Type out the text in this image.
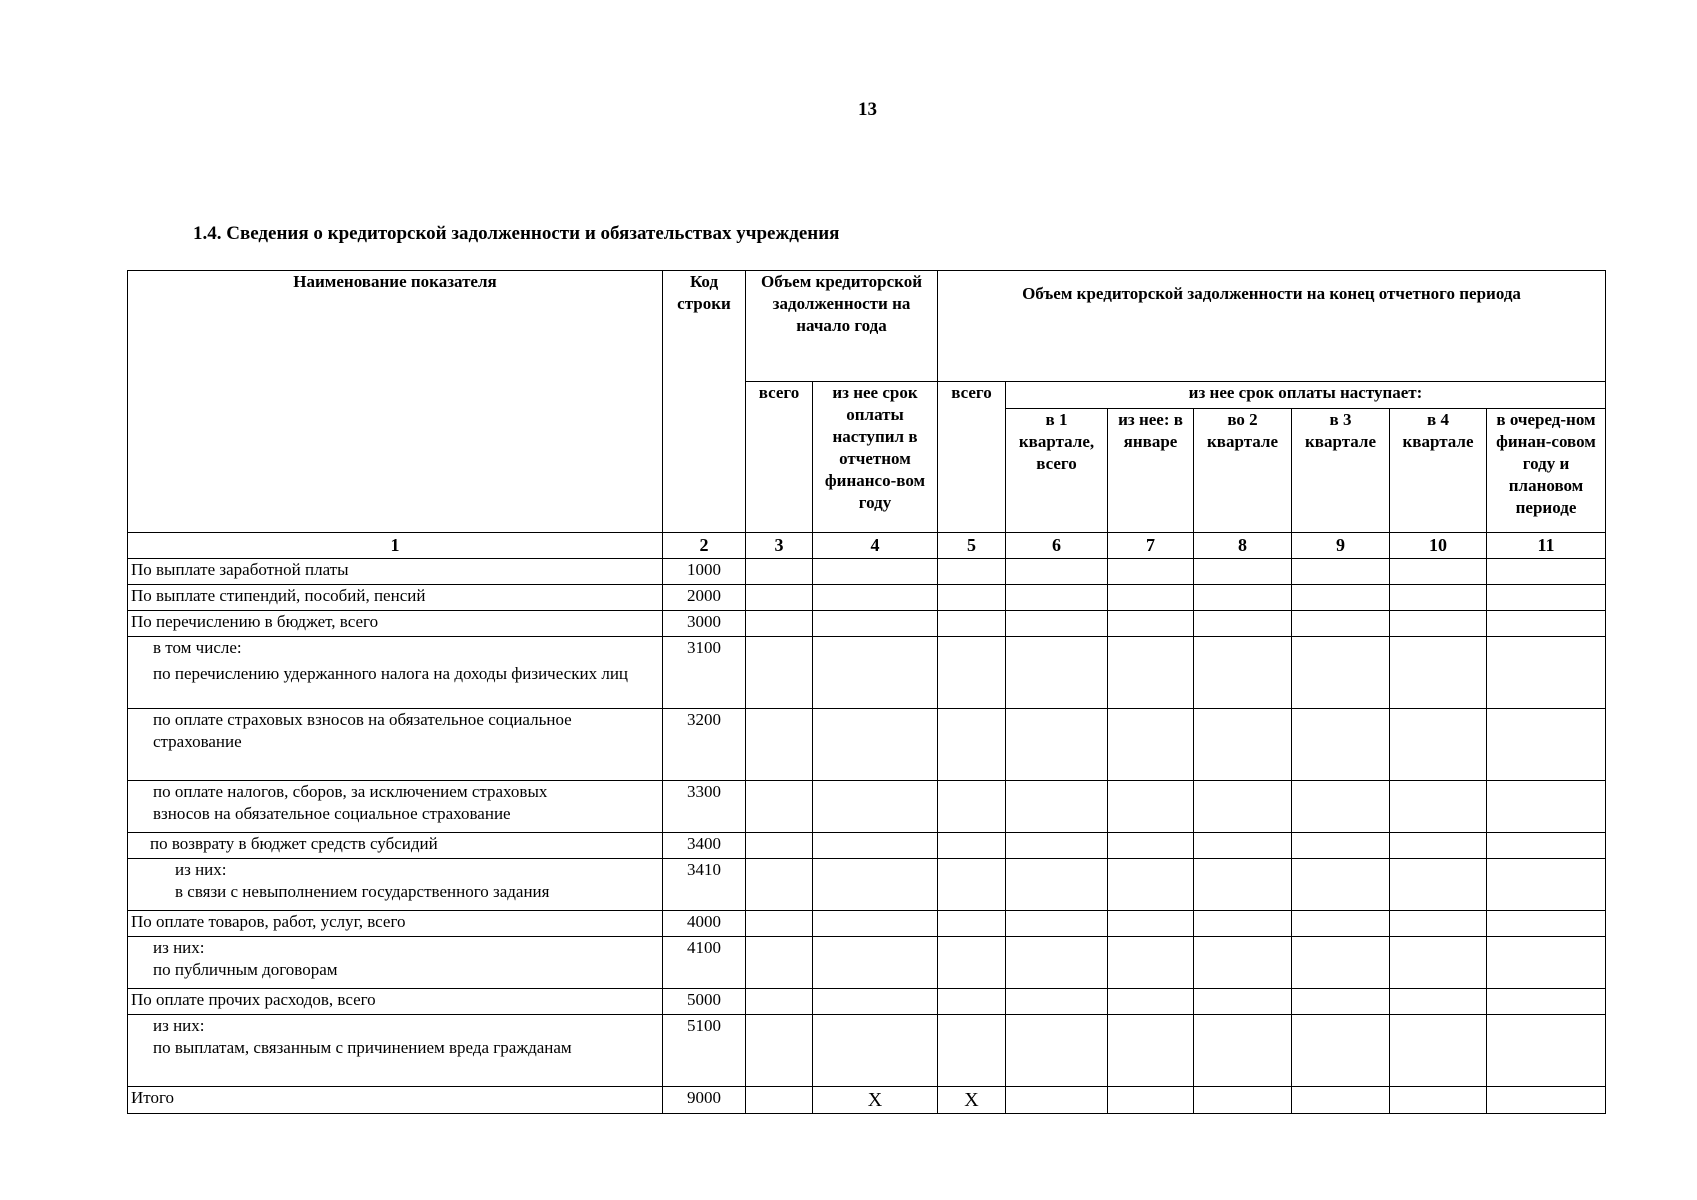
13
1.4. Сведения о кредиторской задолженности и обязательствах учреждения
Наименование показателя	Код строки	Объем кредиторской задолженности на начало года		Объем кредиторской задолженности на конец отчетного периода						
		всего	из нее срок оплаты наступил в отчетном финансо-вом году	всего	из нее срок оплаты наступает:					
					в 1 квартале, всего	из нее: в январе	во 2 квартале	в 3 квартале	в 4 квартале	в очеред-ном финан-совом году и плановом периоде
1	2	3	4	5	6	7	8	9	10	11
По выплате заработной платы	1000									
По выплате стипендий, пособий, пенсий	2000									
По перечислению в бюджет, всего	3000									

в том числе:
по перечислению удержанного налога на доходы физических лиц	3100									

по оплате страховых взносов на обязательное социальное
страхование	3200									

по оплате налогов, сборов, за исключением страховых
взносов на обязательное социальное страхование	3300									
по возврату в бюджет средств субсидий	3400									

из них:
в связи с невыполнением государственного задания	3410									
По оплате товаров, работ, услуг, всего	4000									

из них:
по публичным договорам	4100									
По оплате прочих расходов, всего	5000									

из них:
по выплатам, связанным с причинением вреда гражданам	5100									
Итого	9000		X	X						
